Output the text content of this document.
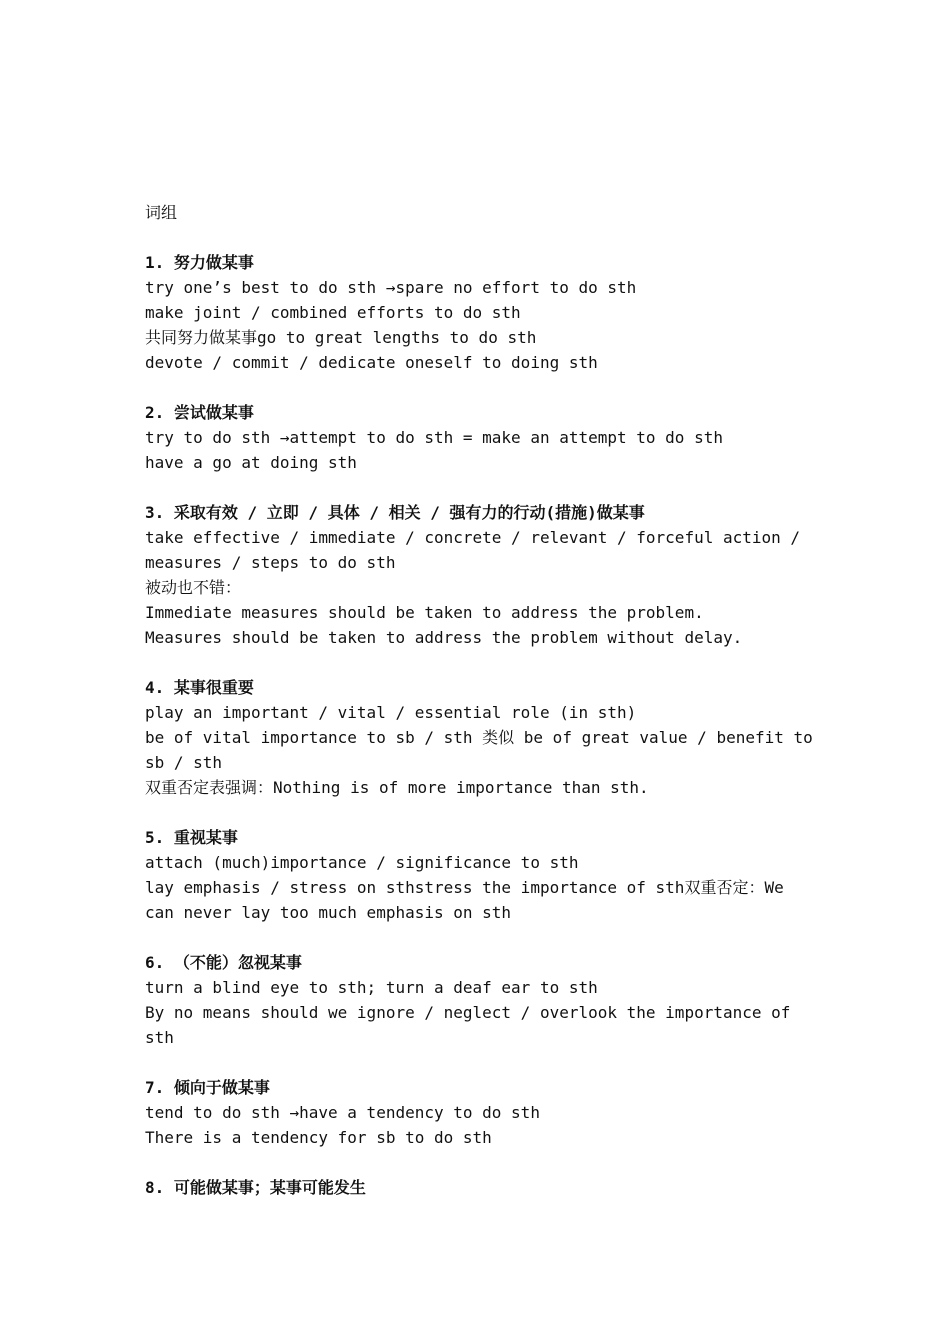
词组

1. 努力做某事

try one’s best to do sth →spare no effort to do sth

make joint / combined efforts to do sth

共同努力做某事go to great lengths to do sth

devote / commit / dedicate oneself to doing sth

2. 尝试做某事

try to do sth →attempt to do sth = make an attempt to do sth

have a go at doing sth

3. 采取有效 / 立即 / 具体 / 相关 / 强有力的行动(措施)做某事

take effective / immediate / concrete / relevant / forceful action / measures / steps to do sth

被动也不错：

Immediate measures should be taken to address the problem.

Measures should be taken to address the problem without delay.

4. 某事很重要

play an important / vital / essential role (in sth)

be of vital importance to sb / sth 类似 be of great value / benefit to sb / sth

双重否定表强调：Nothing is of more importance than sth.

5. 重视某事

attach (much)importance / significance to sth

lay emphasis / stress on sthstress the importance of sth双重否定：We can never lay too much emphasis on sth

6. （不能）忽视某事

turn a blind eye to sth; turn a deaf ear to sth

By no means should we ignore / neglect / overlook the importance of sth

7. 倾向于做某事

tend to do sth →have a tendency to do sth

There is a tendency for sb to do sth

8. 可能做某事；某事可能发生
